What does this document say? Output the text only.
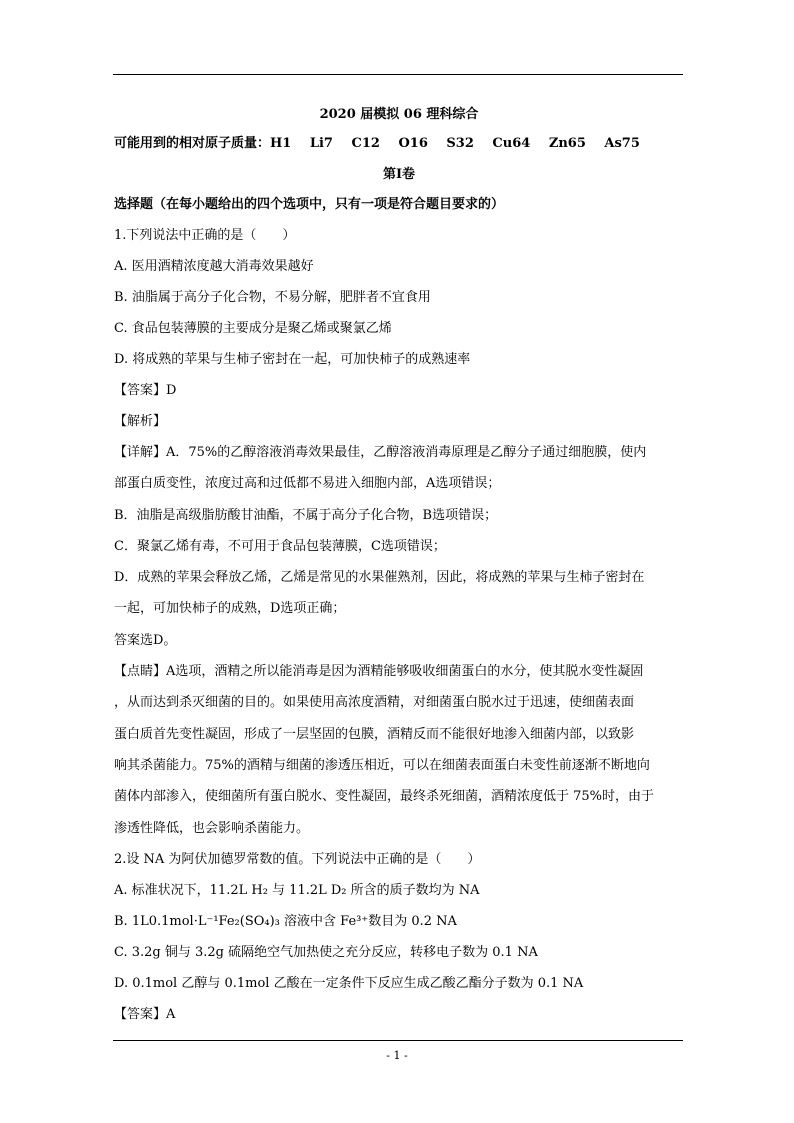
2020 届模拟 06 理科综合
可能用到的相对原子质量：H1 Li7 C12 O16 S32 Cu64 Zn65 As75
第I卷
选择题（在每小题给出的四个选项中，只有一项是符合题目要求的）
1.下列说法中正确的是（　　）
A. 医用酒精浓度越大消毒效果越好
B. 油脂属于高分子化合物，不易分解，肥胖者不宜食用
C. 食品包装薄膜的主要成分是聚乙烯或聚氯乙烯
D. 将成熟的苹果与生柿子密封在一起，可加快柿子的成熟速率
【答案】D
【解析】
【详解】A．75%的乙醇溶液消毒效果最佳，乙醇溶液消毒原理是乙醇分子通过细胞膜，使内
部蛋白质变性，浓度过高和过低都不易进入细胞内部，A选项错误；
B．油脂是高级脂肪酸甘油酯，不属于高分子化合物，B选项错误；
C．聚氯乙烯有毒，不可用于食品包装薄膜，C选项错误；
D．成熟的苹果会释放乙烯，乙烯是常见的水果催熟剂，因此，将成熟的苹果与生柿子密封在
一起，可加快柿子的成熟，D选项正确；
答案选D。
【点睛】A选项，酒精之所以能消毒是因为酒精能够吸收细菌蛋白的水分，使其脱水变性凝固
，从而达到杀灭细菌的目的。如果使用高浓度酒精，对细菌蛋白脱水过于迅速，使细菌表面
蛋白质首先变性凝固，形成了一层坚固的包膜，酒精反而不能很好地渗入细菌内部，以致影
响其杀菌能力。75%的酒精与细菌的渗透压相近，可以在细菌表面蛋白未变性前逐渐不断地向
菌体内部渗入，使细菌所有蛋白脱水、变性凝固，最终杀死细菌，酒精浓度低于 75%时，由于
渗透性降低，也会影响杀菌能力。
2.设 NA 为阿伏加德罗常数的值。下列说法中正确的是（　　）
A. 标准状况下，11.2L H₂ 与 11.2L D₂ 所含的质子数均为 NA
B. 1L0.1mol·L⁻¹Fe₂(SO₄)₃ 溶液中含 Fe³⁺数目为 0.2 NA
C. 3.2g 铜与 3.2g 硫隔绝空气加热使之充分反应，转移电子数为 0.1 NA
D. 0.1mol 乙醇与 0.1mol 乙酸在一定条件下反应生成乙酸乙酯分子数为 0.1 NA
【答案】A
- 1 -
